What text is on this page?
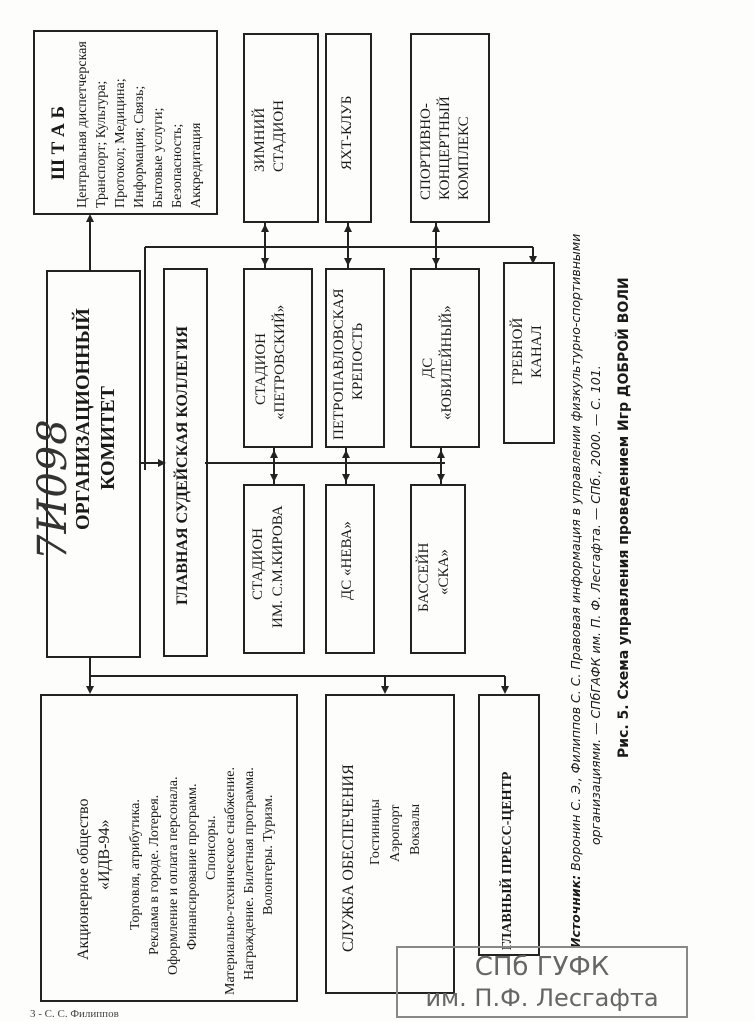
Ш Т А Б Центральная диспетчерская Транспорт; Культура; Протокол; Медицина; Информация; Связь; Бытовые услуги; Безопасность; Аккредитация	ЗИМНИЙ СТАДИОН	ЯХТ-КЛУБ	СПОРТИВНО- КОНЦЕРТНЫЙ КОМПЛЕКС
ОРГАНИЗАЦИОННЫЙ КОМИТЕТ	ГЛАВНАЯ СУДЕЙСКАЯ КОЛЛЕГИЯ	СТАДИОН «ПЕТРОВСКИЙ»	ПЕТРОПАВЛОВСКАЯ КРЕПОСТЬ	ДС «ЮБИЛЕЙНЫЙ»	ГРЕБНОЙ КАНАЛ
СТАДИОН ИМ. С.М.КИРОВА	ДС «НЕВА»	БАССЕЙН «СКА»
Акционерное общество «ИДВ-94» Торговля, атрибутика. Реклама в городе. Лотерея. Оформление и оплата персонала. Финансирование программ. Спонсоры. Материально-техническое снабжение. Награждение. Билетная программа. Волонтеры. Туризм.	СЛУЖБА ОБЕСПЕЧЕНИЯ Гостиницы Аэропорт Вокзалы	ГЛАВНЫЙ ПРЕСС-ЦЕНТР
7И098
Источник: Воронин С. Э., Филиппов С. С. Правовая информация в управлении физкультурно-спортивными организациями. — СПбГАФК им. П. Ф. Лесгафта. — СПб., 2000. — С. 101. Рис. 5. Схема управления проведением Игр ДОБРОЙ ВОЛИ
СПб ГУФК
им. П.Ф. Лесгафта
3 - С. С. Филиппов
